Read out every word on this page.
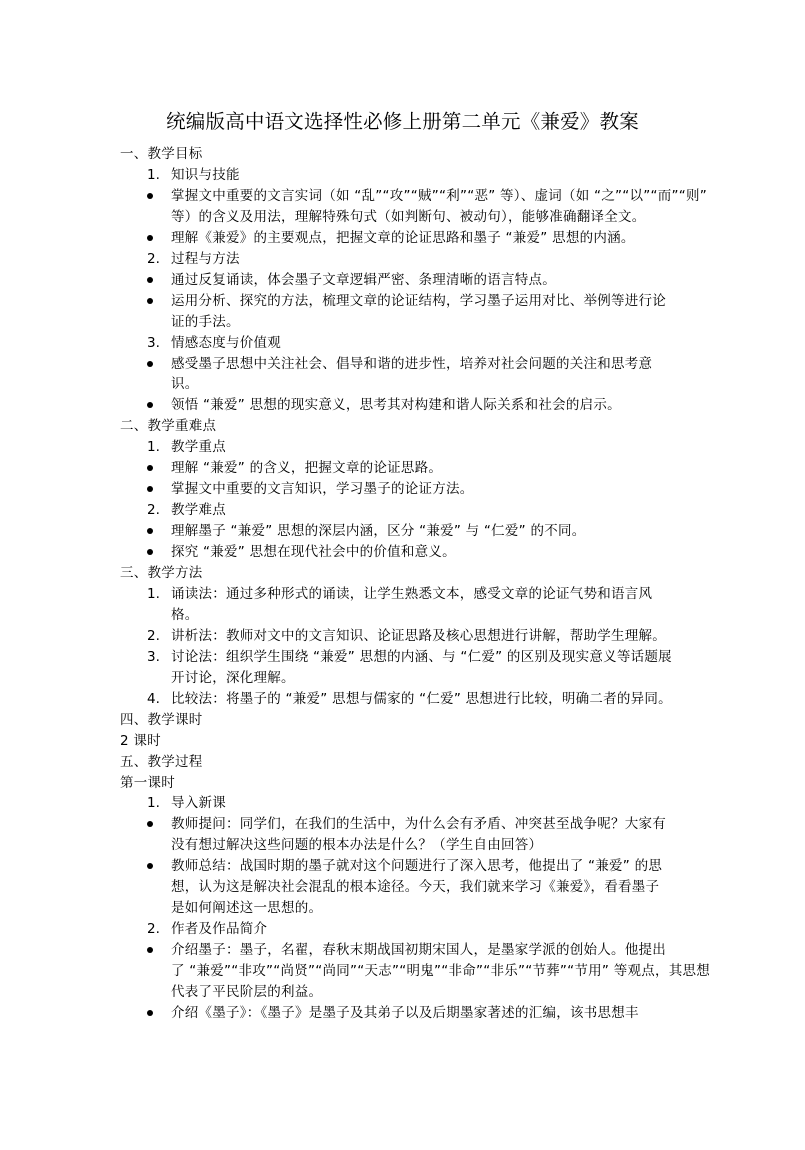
统编版高中语文选择性必修上册第二单元《兼爱》教案
一、教学目标
1. 知识与技能
掌握文中重要的文言实词（如 “乱”“攻”“贼”“利”“恶” 等）、虚词（如 “之”“以”“而”“则”
等）的含义及用法，理解特殊句式（如判断句、被动句），能够准确翻译全文。
理解《兼爱》的主要观点，把握文章的论证思路和墨子 “兼爱” 思想的内涵。
2. 过程与方法
通过反复诵读，体会墨子文章逻辑严密、条理清晰的语言特点。
运用分析、探究的方法，梳理文章的论证结构，学习墨子运用对比、举例等进行论
证的手法。
3. 情感态度与价值观
感受墨子思想中关注社会、倡导和谐的进步性，培养对社会问题的关注和思考意
识。
领悟 “兼爱” 思想的现实意义，思考其对构建和谐人际关系和社会的启示。
二、教学重难点
1. 教学重点
理解 “兼爱” 的含义，把握文章的论证思路。
掌握文中重要的文言知识，学习墨子的论证方法。
2. 教学难点
理解墨子 “兼爱” 思想的深层内涵，区分 “兼爱” 与 “仁爱” 的不同。
探究 “兼爱” 思想在现代社会中的价值和意义。
三、教学方法
1. 诵读法：通过多种形式的诵读，让学生熟悉文本，感受文章的论证气势和语言风
格。
2. 讲析法：教师对文中的文言知识、论证思路及核心思想进行讲解，帮助学生理解。
3. 讨论法：组织学生围绕 “兼爱” 思想的内涵、与 “仁爱” 的区别及现实意义等话题展
开讨论，深化理解。
4. 比较法：将墨子的 “兼爱” 思想与儒家的 “仁爱” 思想进行比较，明确二者的异同。
四、教学课时
2 课时
五、教学过程
第一课时
1. 导入新课
教师提问：同学们，在我们的生活中，为什么会有矛盾、冲突甚至战争呢？大家有
没有想过解决这些问题的根本办法是什么？（学生自由回答）
教师总结：战国时期的墨子就对这个问题进行了深入思考，他提出了 “兼爱” 的思
想，认为这是解决社会混乱的根本途径。今天，我们就来学习《兼爱》，看看墨子
是如何阐述这一思想的。
2. 作者及作品简介
介绍墨子：墨子，名翟，春秋末期战国初期宋国人，是墨家学派的创始人。他提出
了 “兼爱”“非攻”“尚贤”“尚同”“天志”“明鬼”“非命”“非乐”“节葬”“节用” 等观点，其思想
代表了平民阶层的利益。
介绍《墨子》：《墨子》是墨子及其弟子以及后期墨家著述的汇编，该书思想丰
